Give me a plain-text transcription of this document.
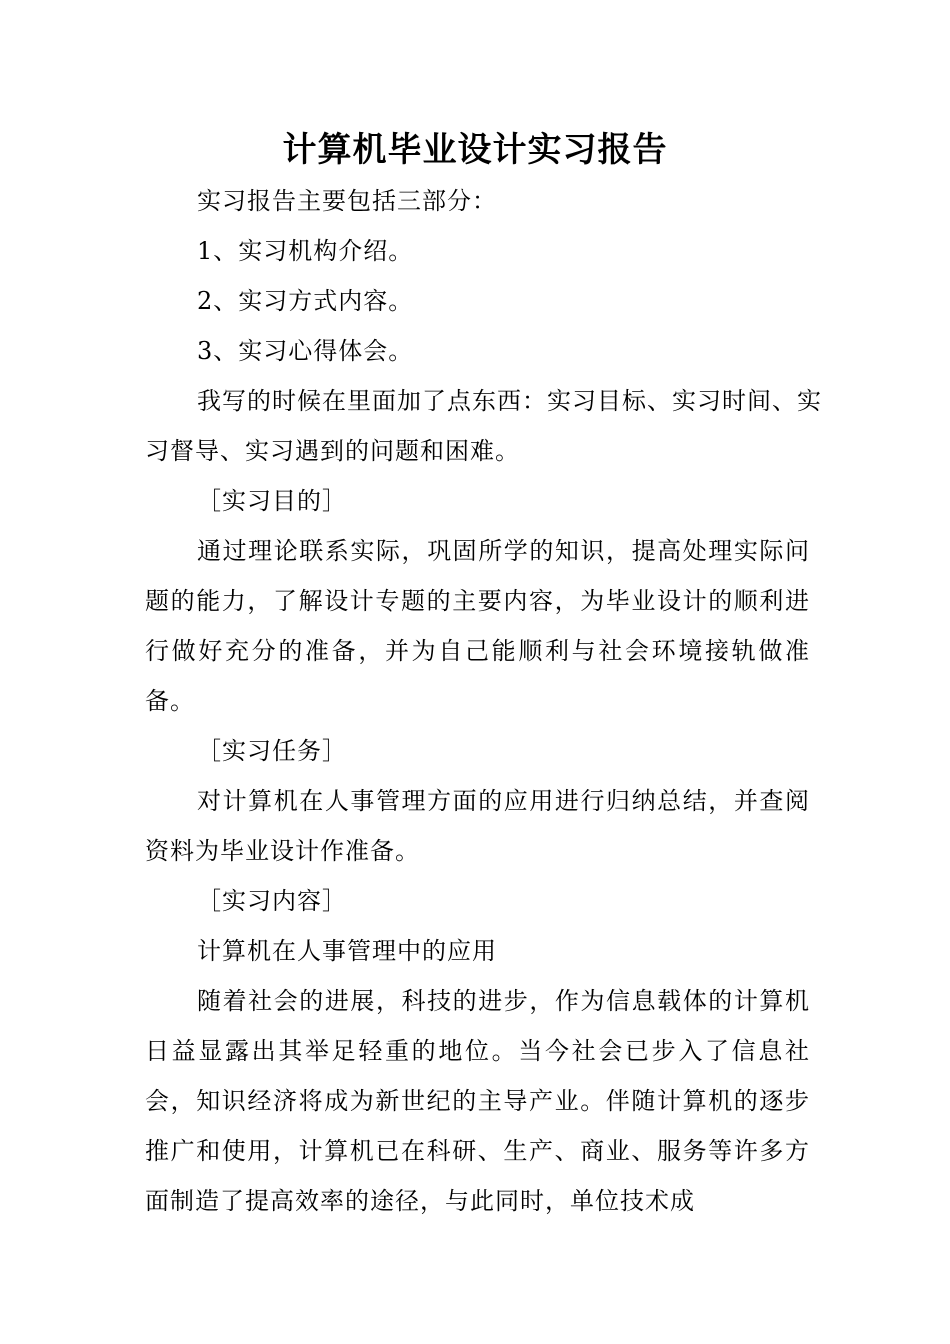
计算机毕业设计实习报告

实习报告主要包括三部分：

1、实习机构介绍。

2、实习方式内容。

3、实习心得体会。

我写的时候在里面加了点东西：实习目标、实习时间、实习督导、实习遇到的问题和困难。

［实习目的］

通过理论联系实际，巩固所学的知识，提高处理实际问题的能力，了解设计专题的主要内容，为毕业设计的顺利进行做好充分的准备，并为自己能顺利与社会环境接轨做准备。

［实习任务］

对计算机在人事管理方面的应用进行归纳总结，并查阅资料为毕业设计作准备。

［实习内容］

计算机在人事管理中的应用

随着社会的进展，科技的进步，作为信息载体的计算机日益显露出其举足轻重的地位。当今社会已步入了信息社会，知识经济将成为新世纪的主导产业。伴随计算机的逐步推广和使用，计算机已在科研、生产、商业、服务等许多方面制造了提高效率的途径，与此同时，单位技术成
